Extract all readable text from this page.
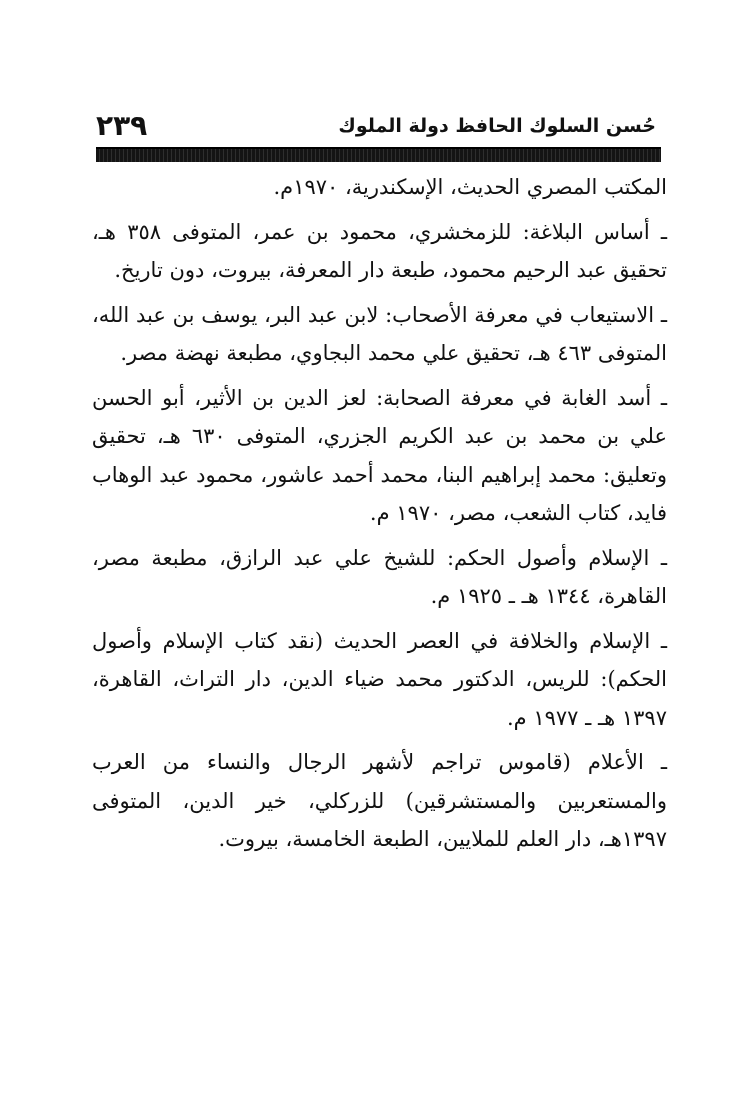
٢٣٩	حُسن السلوك الحافظ دولة الملوك

المكتب المصري الحديث، الإسكندرية، ١٩٧٠م.

ـ أساس البلاغة: للزمخشري، محمود بن عمر، المتوفى ٣٥٨ هـ، تحقيق عبد الرحيم محمود، طبعة دار المعرفة، بيروت، دون تاريخ.

ـ الاستيعاب في معرفة الأصحاب: لابن عبد البر، يوسف بن عبد الله، المتوفى ٤٦٣ هـ، تحقيق علي محمد البجاوي، مطبعة نهضة مصر.

ـ أسد الغابة في معرفة الصحابة: لعز الدين بن الأثير، أبو الحسن علي بن محمد بن عبد الكريم الجزري، المتوفى ٦٣٠ هـ، تحقيق وتعليق: محمد إبراهيم البنا، محمد أحمد عاشور، محمود عبد الوهاب فايد، كتاب الشعب، مصر، ١٩٧٠ م.

ـ الإسلام وأصول الحكم: للشيخ علي عبد الرازق، مطبعة مصر، القاهرة، ١٣٤٤ هـ ـ ١٩٢٥ م.

ـ الإسلام والخلافة في العصر الحديث (نقد كتاب الإسلام وأصول الحكم): للريس، الدكتور محمد ضياء الدين، دار التراث، القاهرة، ١٣٩٧ هـ ـ ١٩٧٧ م.

ـ الأعلام (قاموس تراجم لأشهر الرجال والنساء من العرب والمستعربين والمستشرقين) للزركلي، خير الدين، المتوفى ١٣٩٧هـ، دار العلم للملايين، الطبعة الخامسة، بيروت.
